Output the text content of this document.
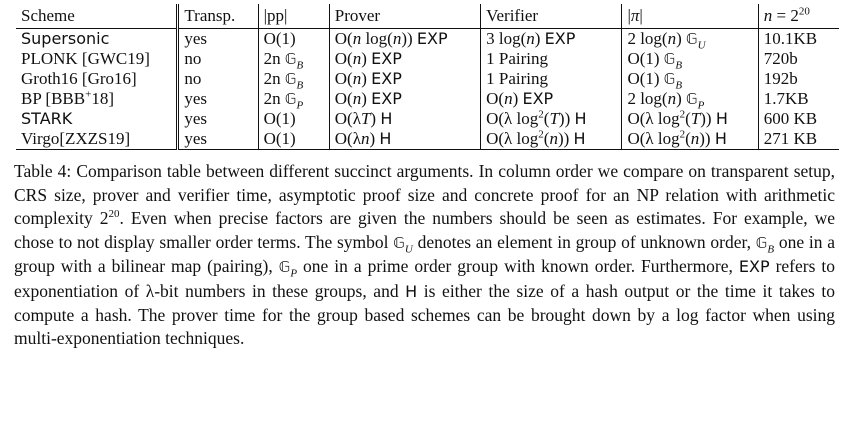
Scheme	Transp.	|pp|	Prover	Verifier	|π|	$n = 2^{20}$
Supersonic	yes	O(1)	O(n log(n)) EXP	3 log(n) EXP	2 log(n) 𝔾$_U$	10.1KB
PLONK [GWC19]	no	2n 𝔾$_B$	O(n) EXP	1 Pairing	O(1) 𝔾$_B$	720b
Groth16 [Gro16]	no	2n 𝔾$_B$	O(n) EXP	1 Pairing	O(1) 𝔾$_B$	192b
BP [BBB+18]	yes	2n 𝔾$_P$	O(n) EXP	O(n) EXP	2 log(n) 𝔾$_P$	1.7KB
STARK	yes	O(1)	O(λT) H	O(λ $\log^2(T)$) H	O(λ $\log^2(T)$) H	600 KB
Virgo[ZXZS19]	yes	O(1)	O(λn) H	O(λ $\log^2(n)$) H	O(λ $\log^2(n)$) H	271 KB
Table 4: Comparison table between different succinct arguments. In column order we compare on transparent setup, CRS size, prover and verifier time, asymptotic proof size and concrete proof for an NP relation with arithmetic complexity $2^{20}$. Even when precise factors are given the numbers should be seen as estimates. For example, we chose to not display smaller order terms. The symbol 𝔾$_U$ denotes an element in group of unknown order, 𝔾$_B$ one in a group with a bilinear map (pairing), 𝔾$_P$ one in a prime order group with known order. Furthermore, EXP refers to exponentiation of λ-bit numbers in these groups, and H is either the size of a hash output or the time it takes to compute a hash. The prover time for the group based schemes can be brought down by a log factor when using multi-exponentiation techniques.
